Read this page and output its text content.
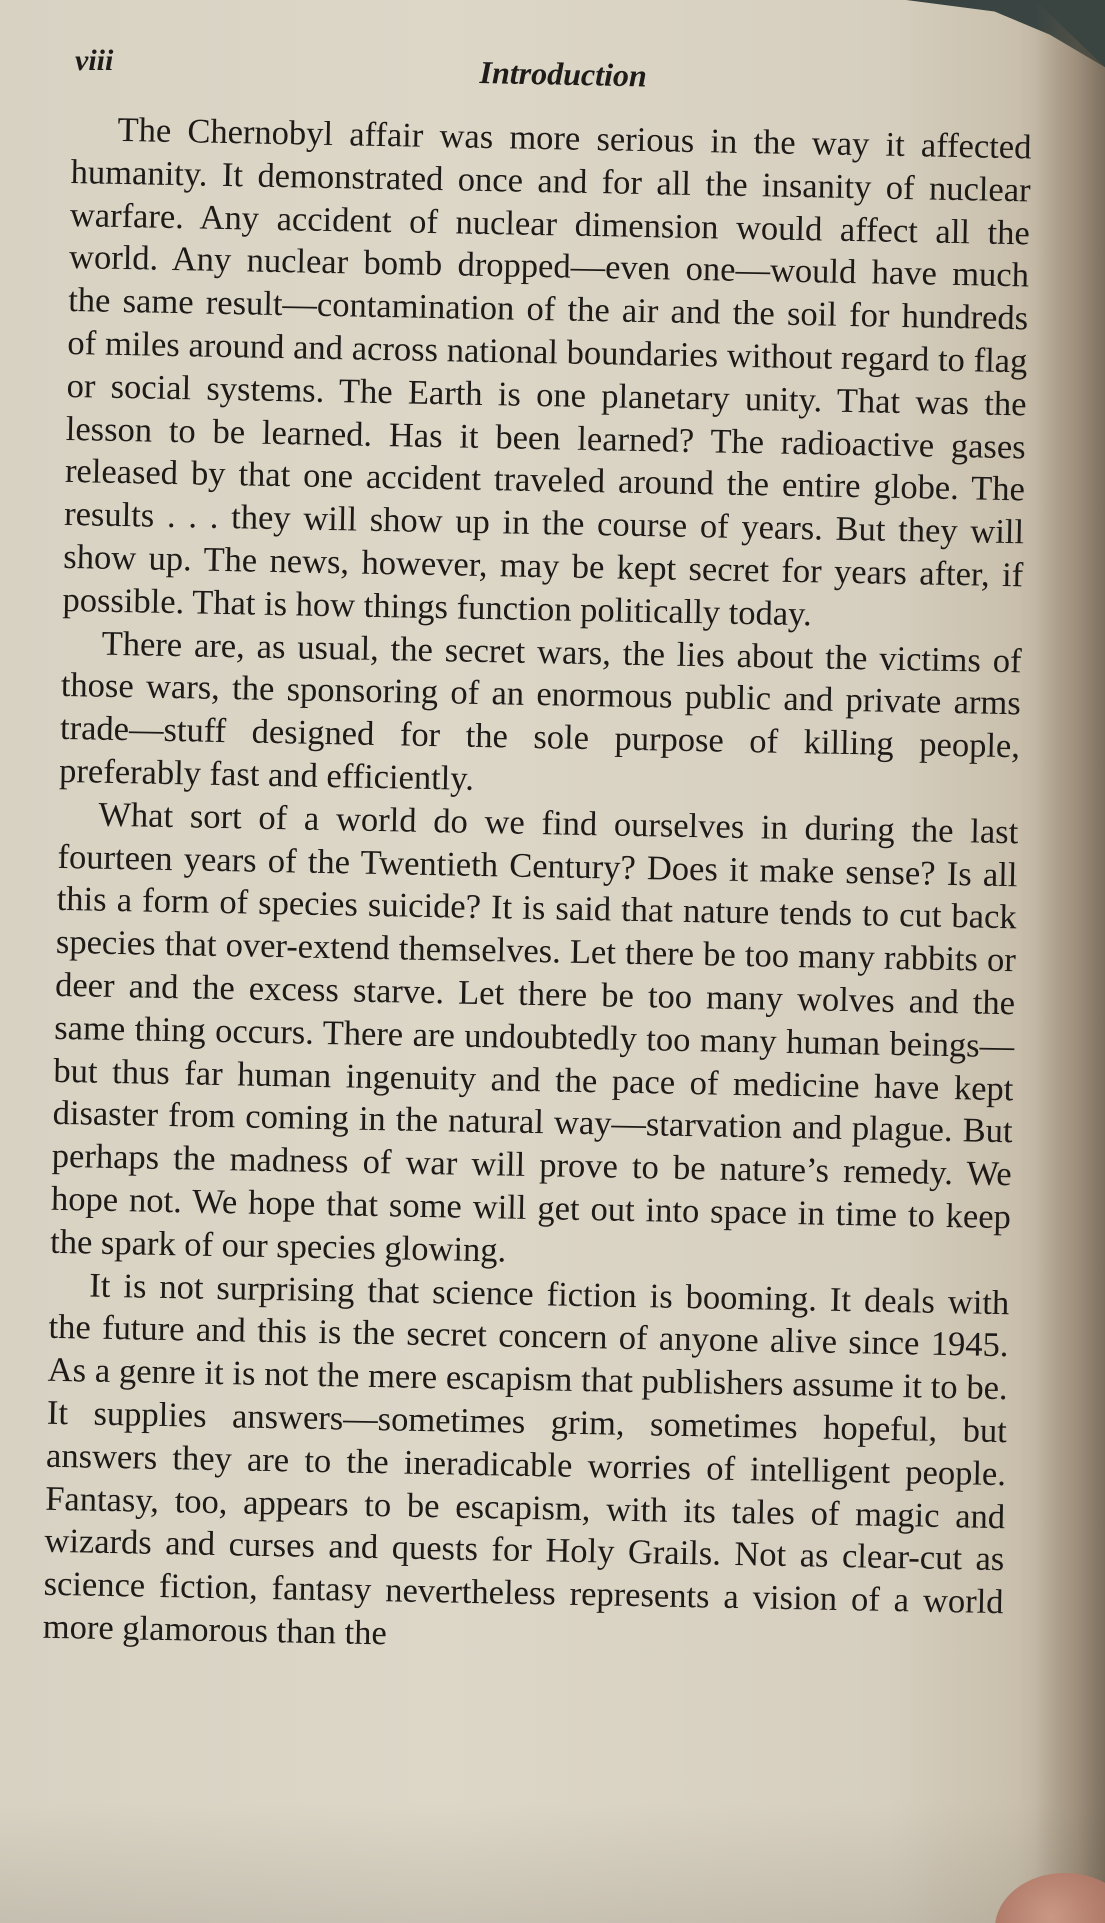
viii	Introduction

The Chernobyl affair was more serious in the way it affected humanity. It demonstrated once and for all the insanity of nuclear warfare. Any accident of nuclear dimension would affect all the world. Any nuclear bomb dropped—even one—would have much the same result—contamination of the air and the soil for hundreds of miles around and across national boundaries without regard to flag or social systems. The Earth is one planetary unity. That was the lesson to be learned. Has it been learned? The radioactive gases released by that one accident traveled around the entire globe. The results . . . they will show up in the course of years. But they will show up. The news, however, may be kept secret for years after, if possible. That is how things function politically today.

There are, as usual, the secret wars, the lies about the victims of those wars, the sponsoring of an enormous public and private arms trade—stuff designed for the sole purpose of killing people, preferably fast and efficiently.

What sort of a world do we find ourselves in during the last fourteen years of the Twentieth Century? Does it make sense? Is all this a form of species suicide? It is said that nature tends to cut back species that over-extend themselves. Let there be too many rabbits or deer and the excess starve. Let there be too many wolves and the same thing occurs. There are undoubtedly too many human beings—but thus far human ingenuity and the pace of medicine have kept disaster from coming in the natural way—starvation and plague. But perhaps the madness of war will prove to be nature’s remedy. We hope not. We hope that some will get out into space in time to keep the spark of our species glowing.

It is not surprising that science fiction is booming. It deals with the future and this is the secret concern of anyone alive since 1945. As a genre it is not the mere escapism that publishers assume it to be. It supplies answers—sometimes grim, sometimes hopeful, but answers they are to the ineradicable worries of intelligent people. Fantasy, too, appears to be escapism, with its tales of magic and wizards and curses and quests for Holy Grails. Not as clear-cut as science fiction, fantasy nevertheless represents a vision of a world more glamorous than the
